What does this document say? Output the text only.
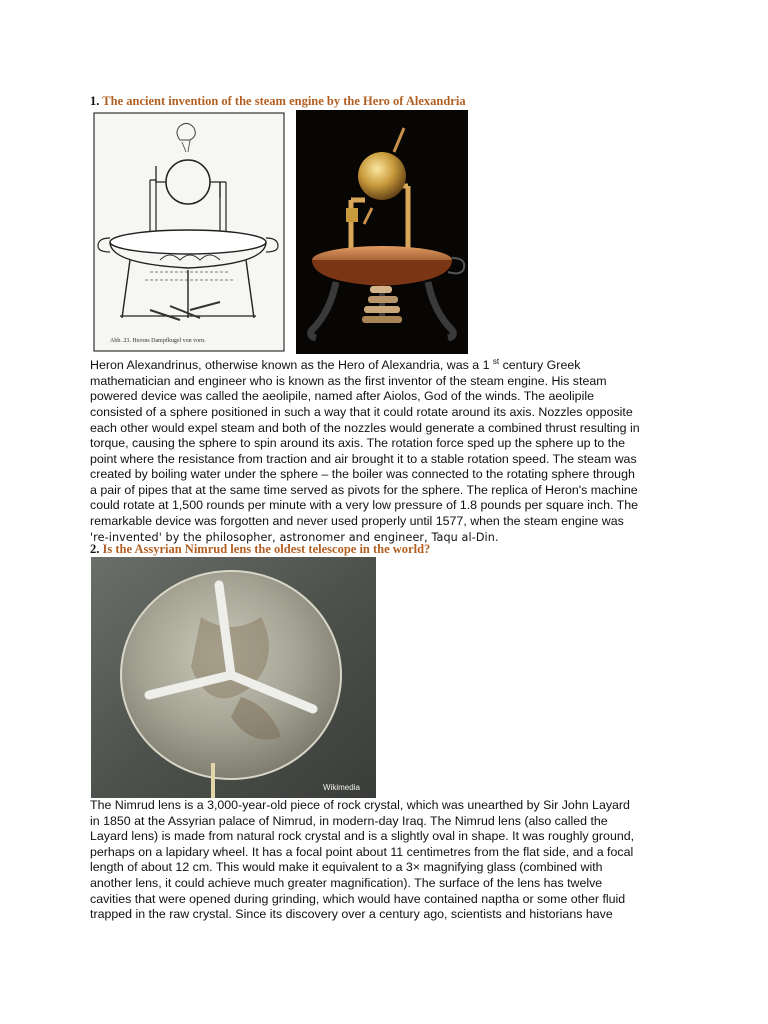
1. The ancient invention of the steam engine by the Hero of Alexandria
Abb. 23. Herons Dampfkugel von vorn.
Heron Alexandrinus, otherwise known as the Hero of Alexandria, was a 1 $^{st}$ century Greek
mathematician and engineer who is known as the first inventor of the steam engine. His steam
powered device was called the aeolipile, named after Aiolos, God of the winds. The aeolipile
consisted of a sphere positioned in such a way that it could rotate around its axis. Nozzles opposite
each other would expel steam and both of the nozzles would generate a combined thrust resulting in
torque, causing the sphere to spin around its axis. The rotation force sped up the sphere up to the
point where the resistance from traction and air brought it to a stable rotation speed. The steam was
created by boiling water under the sphere – the boiler was connected to the rotating sphere through
a pair of pipes that at the same time served as pivots for the sphere. The replica of Heron's machine
could rotate at 1,500 rounds per minute with a very low pressure of 1.8 pounds per square inch. The
remarkable device was forgotten and never used properly until 1577, when the steam engine was
're-invented' by the philosopher, astronomer and engineer, Taqu al-Din.
2. Is the Assyrian Nimrud lens the oldest telescope in the world?
Wikimedia
The Nimrud lens is a 3,000-year-old piece of rock crystal, which was unearthed by Sir John Layard
in 1850 at the Assyrian palace of Nimrud, in modern-day Iraq. The Nimrud lens (also called the
Layard lens) is made from natural rock crystal and is a slightly oval in shape. It was roughly ground,
perhaps on a lapidary wheel. It has a focal point about 11 centimetres from the flat side, and a focal
length of about 12 cm. This would make it equivalent to a 3× magnifying glass (combined with
another lens, it could achieve much greater magnification). The surface of the lens has twelve
cavities that were opened during grinding, which would have contained naptha or some other fluid
trapped in the raw crystal. Since its discovery over a century ago, scientists and historians have
